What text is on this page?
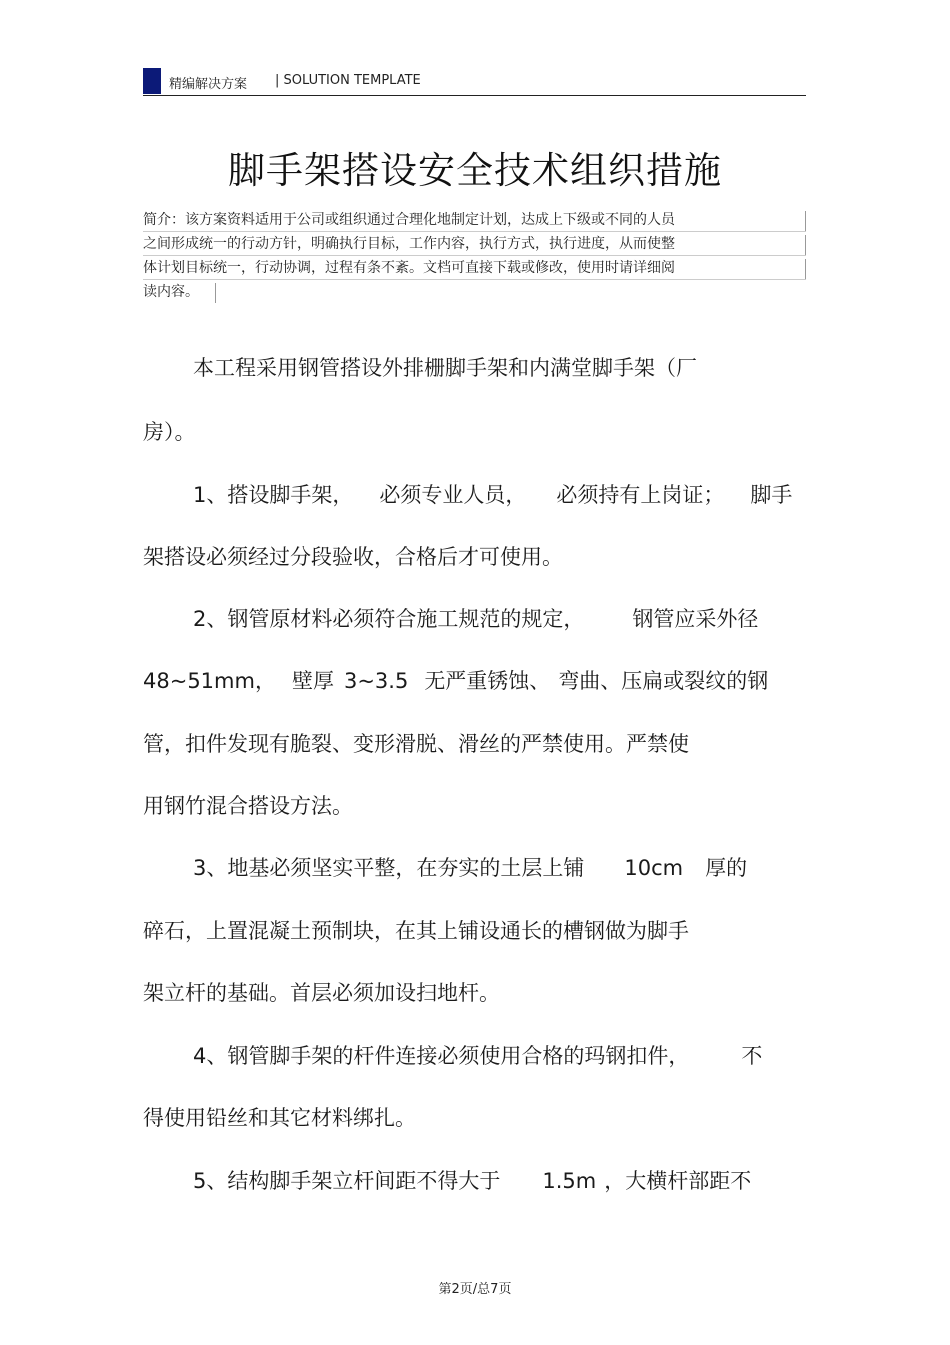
精编解决方案 | SOLUTION TEMPLATE
脚手架搭设安全技术组织措施
简介：该方案资料适用于公司或组织通过合理化地制定计划，达成上下级或不同的人员
之间形成统一的行动方针，明确执行目标，工作内容，执行方式，执行进度，从而使整
体计划目标统一，行动协调，过程有条不紊。文档可直接下载或修改，使用时请详细阅
读内容。
本工程采用钢管搭设外排栅脚手架和内满堂脚手架（厂
房）。
1、搭设脚手架， 必须专业人员， 必须持有上岗证； 脚手
架搭设必须经过分段验收，合格后才可使用。
2、钢管原材料必须符合施工规范的规定， 钢管应采外径
48~51mm， 壁厚 3~3.5 无严重锈蚀、 弯曲、压扁或裂纹的钢
管，扣件发现有脆裂、变形滑脱、滑丝的严禁使用。严禁使
用钢竹混合搭设方法。
3、地基必须坚实平整，在夯实的土层上铺 10cm 厚的
碎石，上置混凝土预制块，在其上铺设通长的槽钢做为脚手
架立杆的基础。首层必须加设扫地杆。
4、钢管脚手架的杆件连接必须使用合格的玛钢扣件， 不
得使用铅丝和其它材料绑扎。
5、结构脚手架立杆间距不得大于 1.5m ，大横杆部距不
第2页/总7页
